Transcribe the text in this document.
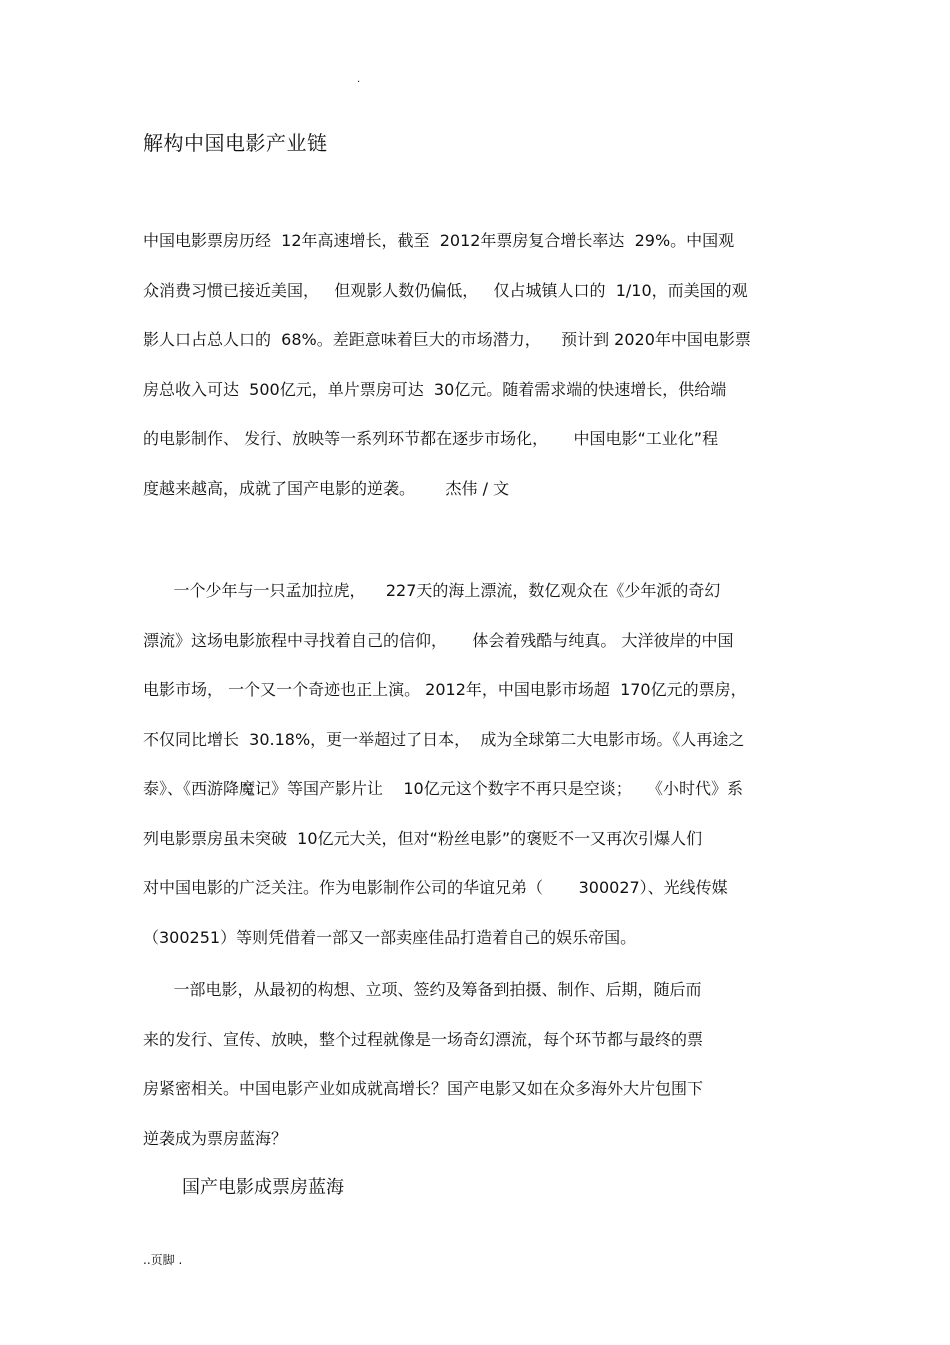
.
解构中国电影产业链
中国电影票房历经  12年高速增长，截至  2012年票房复合增长率达  29%。中国观
众消费习惯已接近美国，   但观影人数仍偏低，   仅占城镇人口的  1/10，而美国的观
影人口占总人口的  68%。差距意味着巨大的市场潜力，    预计到 2020年中国电影票
房总收入可达  500亿元，单片票房可达  30亿元。随着需求端的快速增长，供给端
的电影制作、 发行、放映等一系列环节都在逐步市场化，     中国电影“工业化”程
度越来越高，成就了国产电影的逆袭。      杰伟 / 文
一个少年与一只孟加拉虎，    227天的海上漂流，数亿观众在《少年派的奇幻
漂流》这场电影旅程中寻找着自己的信仰，     体会着残酷与纯真。 大洋彼岸的中国
电影市场， 一个又一个奇迹也正上演。 2012年，中国电影市场超  170亿元的票房，
不仅同比增长  30.18%，更一举超过了日本，  成为全球第二大电影市场。《人再途之
泰》、《西游降魔记》等国产影片让    10亿元这个数字不再只是空谈；   《小时代》系
列电影票房虽未突破  10亿元大关，但对“粉丝电影”的褒贬不一又再次引爆人们
对中国电影的广泛关注。作为电影制作公司的华谊兄弟（       300027）、光线传媒
（300251）等则凭借着一部又一部卖座佳品打造着自己的娱乐帝国。
一部电影，从最初的构想、立项、签约及筹备到拍摄、制作、后期，随后而
来的发行、宣传、放映，整个过程就像是一场奇幻漂流，每个环节都与最终的票
房紧密相关。中国电影产业如成就高增长？国产电影又如在众多海外大片包围下
逆袭成为票房蓝海？
国产电影成票房蓝海
..页脚 .
